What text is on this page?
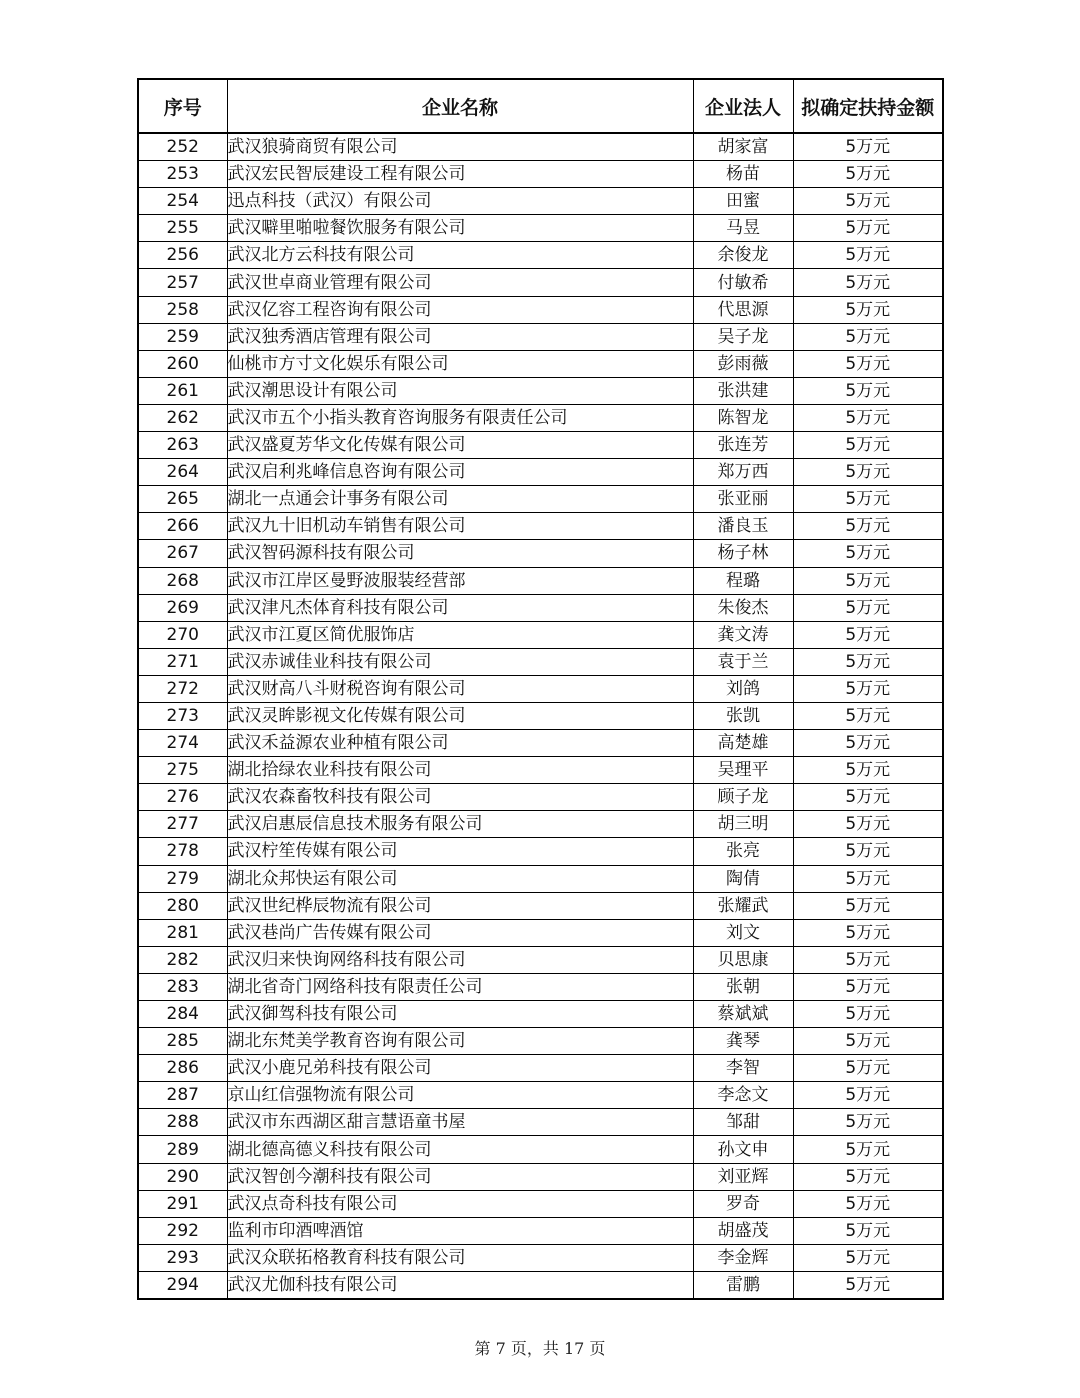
序号	企业名称	企业法人	拟确定扶持金额
252	武汉狼骑商贸有限公司	胡家富	5万元
253	武汉宏民智辰建设工程有限公司	杨苗	5万元
254	迅点科技（武汉）有限公司	田蜜	5万元
255	武汉噼里啪啦餐饮服务有限公司	马昱	5万元
256	武汉北方云科技有限公司	余俊龙	5万元
257	武汉世卓商业管理有限公司	付敏希	5万元
258	武汉亿容工程咨询有限公司	代思源	5万元
259	武汉独秀酒店管理有限公司	吴子龙	5万元
260	仙桃市方寸文化娱乐有限公司	彭雨薇	5万元
261	武汉潮思设计有限公司	张洪建	5万元
262	武汉市五个小指头教育咨询服务有限责任公司	陈智龙	5万元
263	武汉盛夏芳华文化传媒有限公司	张连芳	5万元
264	武汉启利兆峰信息咨询有限公司	郑万西	5万元
265	湖北一点通会计事务有限公司	张亚丽	5万元
266	武汉九十旧机动车销售有限公司	潘良玉	5万元
267	武汉智码源科技有限公司	杨子林	5万元
268	武汉市江岸区曼野波服装经营部	程璐	5万元
269	武汉津凡杰体育科技有限公司	朱俊杰	5万元
270	武汉市江夏区简优服饰店	龚文涛	5万元
271	武汉赤诚佳业科技有限公司	袁于兰	5万元
272	武汉财高八斗财税咨询有限公司	刘鸽	5万元
273	武汉灵眸影视文化传媒有限公司	张凯	5万元
274	武汉禾益源农业种植有限公司	高楚雄	5万元
275	湖北拾绿农业科技有限公司	吴理平	5万元
276	武汉农森畜牧科技有限公司	顾子龙	5万元
277	武汉启惠辰信息技术服务有限公司	胡三明	5万元
278	武汉柠笙传媒有限公司	张亮	5万元
279	湖北众邦快运有限公司	陶倩	5万元
280	武汉世纪桦辰物流有限公司	张耀武	5万元
281	武汉巷尚广告传媒有限公司	刘文	5万元
282	武汉归来快询网络科技有限公司	贝思康	5万元
283	湖北省奇门网络科技有限责任公司	张朝	5万元
284	武汉御驾科技有限公司	蔡斌斌	5万元
285	湖北东梵美学教育咨询有限公司	龚琴	5万元
286	武汉小鹿兄弟科技有限公司	李智	5万元
287	京山红信强物流有限公司	李念文	5万元
288	武汉市东西湖区甜言慧语童书屋	邹甜	5万元
289	湖北德高德义科技有限公司	孙文申	5万元
290	武汉智创今潮科技有限公司	刘亚辉	5万元
291	武汉点奇科技有限公司	罗奇	5万元
292	监利市印酒啤酒馆	胡盛茂	5万元
293	武汉众联拓格教育科技有限公司	李金辉	5万元
294	武汉尤伽科技有限公司	雷鹏	5万元
第 7 页，共 17 页
